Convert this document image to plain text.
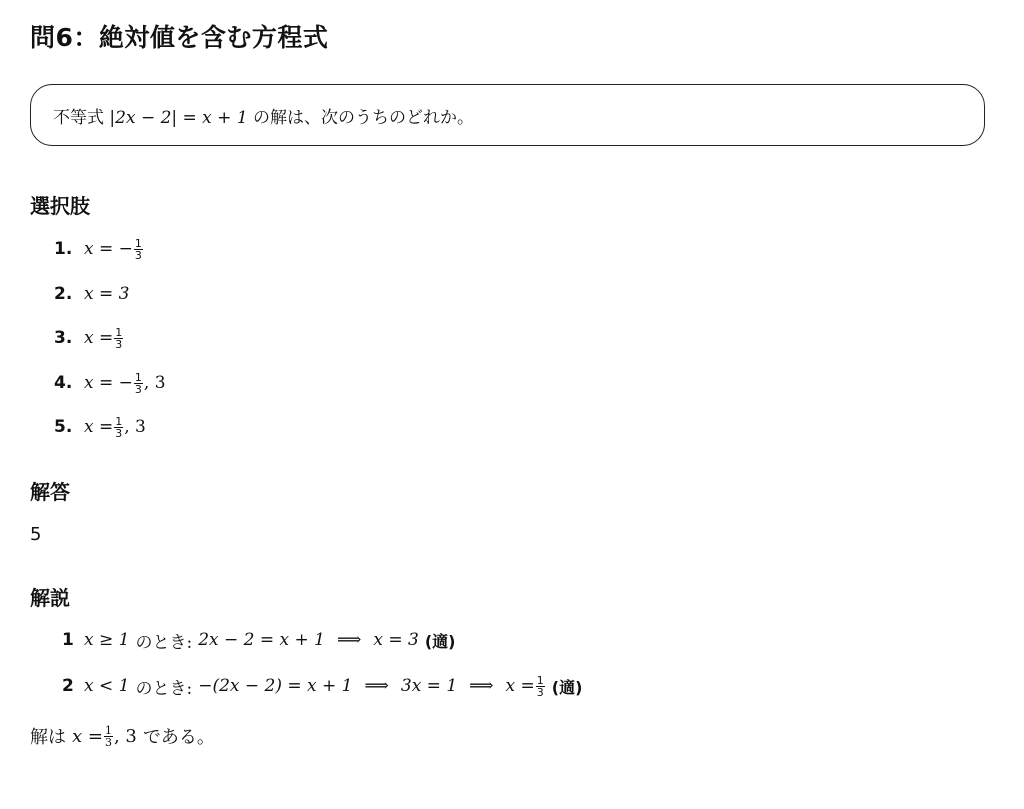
問6：絶対値を含む方程式
不等式 |2x − 2| = x + 1 の解は、次のうちのどれか。
選択肢
1. x = − $\frac{1}{3}$
2. x = 3
3. $x = \frac{1}{3}$
4. x = − $\frac{1}{3}$ , 3
5. $x = \frac{1}{3}$ , 3
解答
5
解説
1 x ≥ 1 のとき: 2x − 2 = x + 1 ⟹ x = 3 (適)
2 x < 1 のとき: −(2x − 2) = x + 1 ⟹ 3x = 1 ⟹ $x = \frac{1}{3}$ (適)
解は $x = \frac{1}{3}$ , 3 である。
